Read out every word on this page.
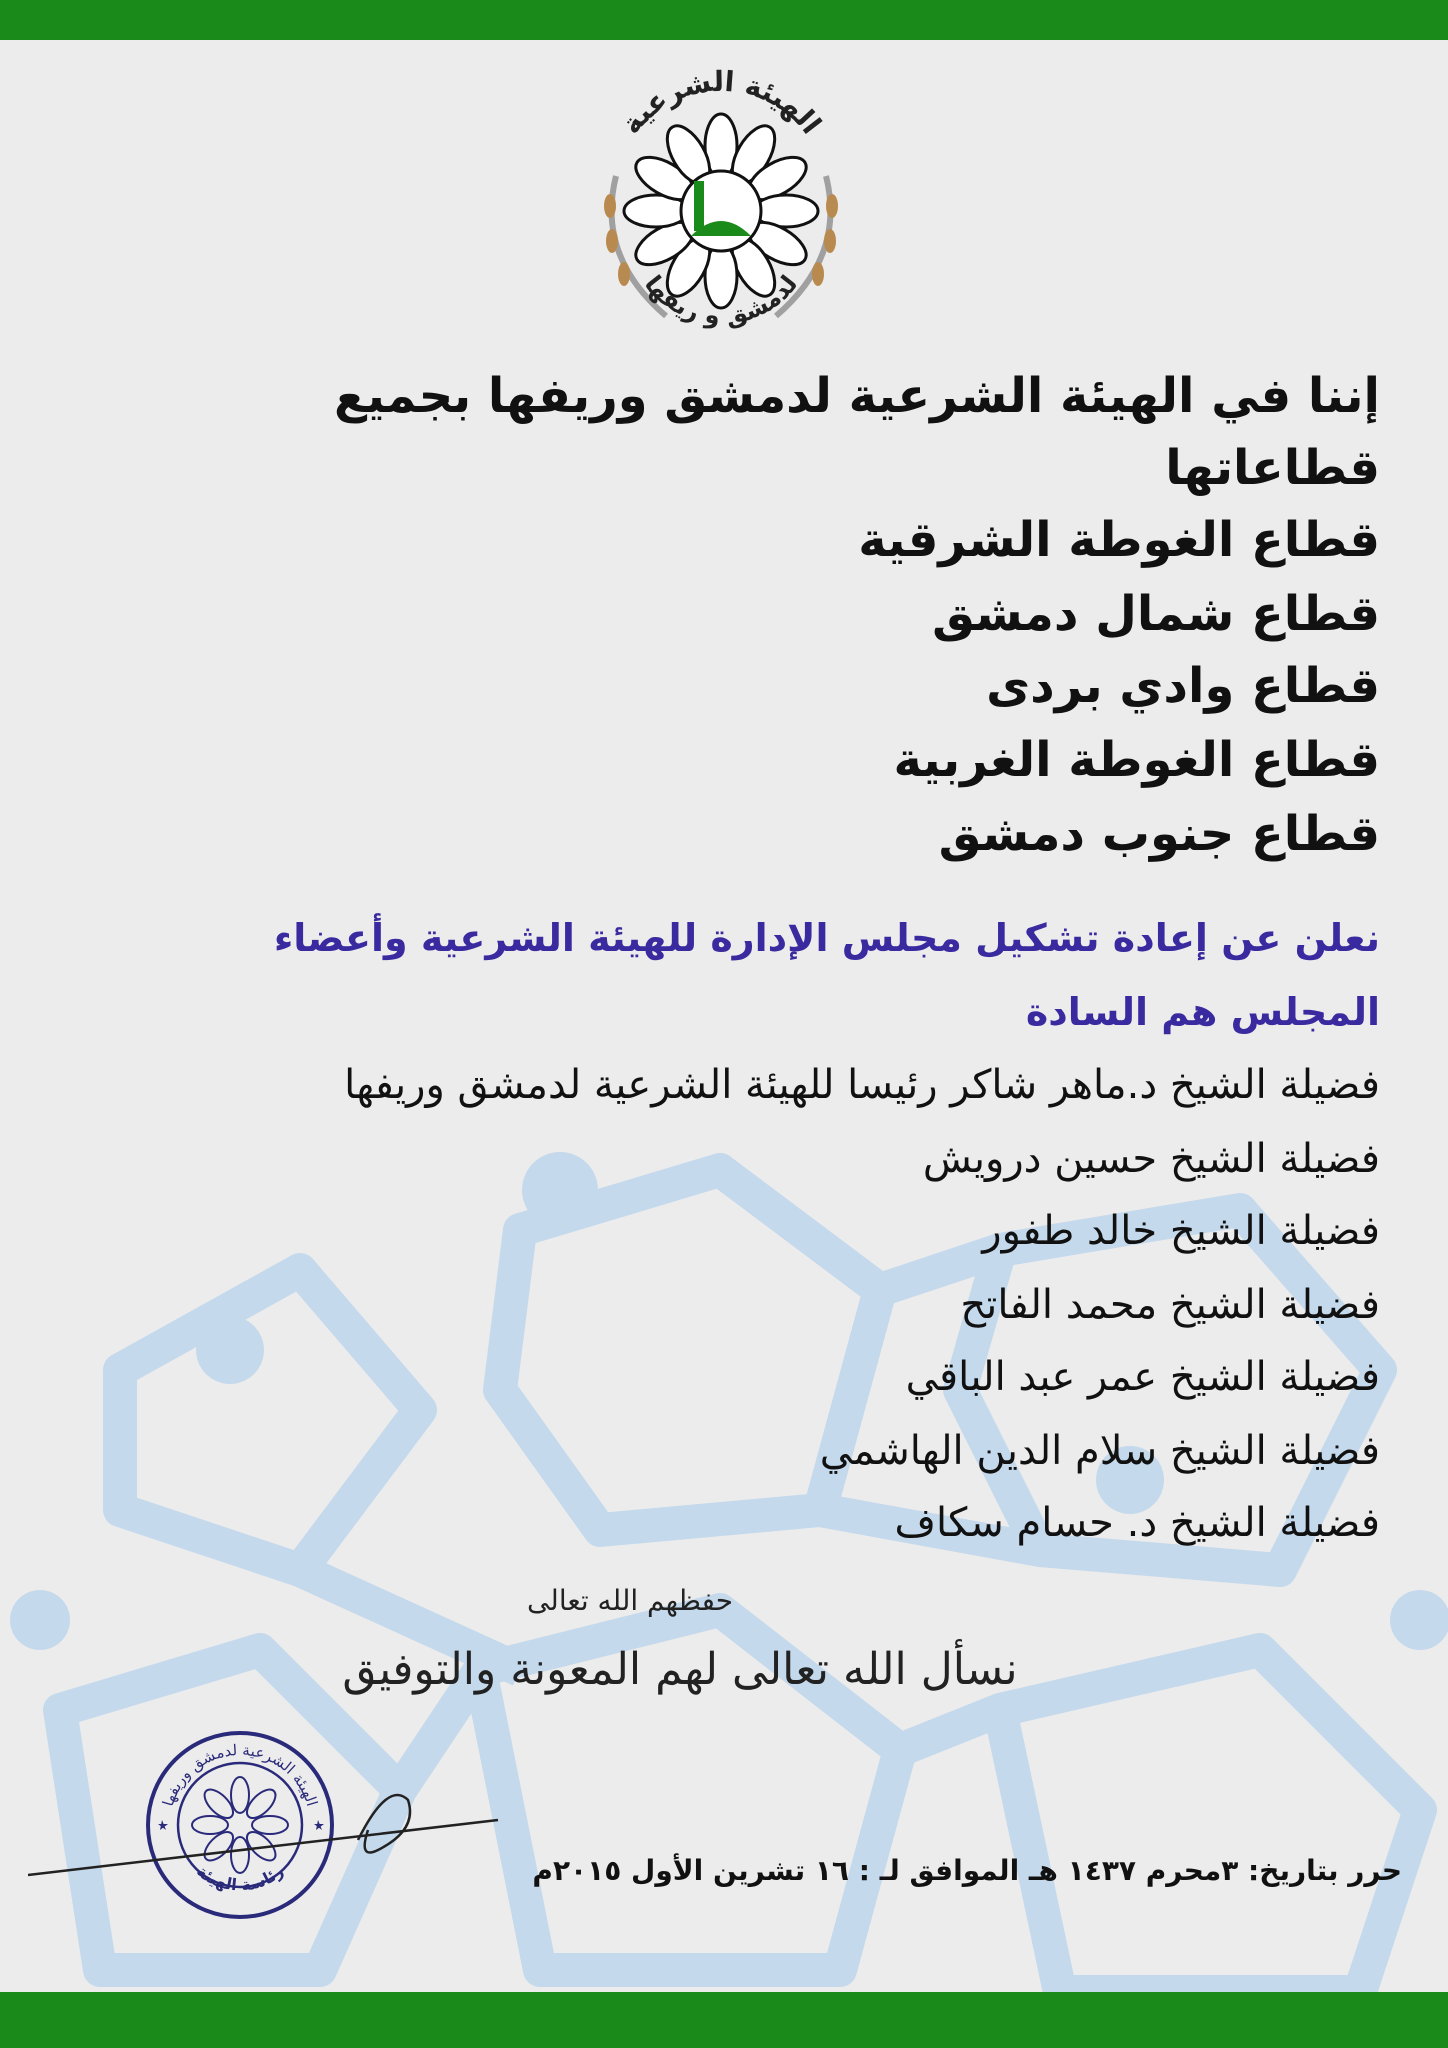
الهيئة الشرعية
لدمشق و ريفها
إننا في الهيئة الشرعية لدمشق وريفها بجميع
قطاعاتها
قطاع الغوطة الشرقية
قطاع شمال دمشق
قطاع وادي بردى
قطاع الغوطة الغربية
قطاع جنوب دمشق
نعلن عن إعادة تشكيل مجلس الإدارة للهيئة الشرعية وأعضاء
المجلس هم السادة
فضيلة الشيخ د.ماهر شاكر رئيسا للهيئة الشرعية لدمشق وريفها
فضيلة الشيخ حسين درويش
فضيلة الشيخ خالد طفور
فضيلة الشيخ محمد الفاتح
فضيلة الشيخ عمر عبد الباقي
فضيلة الشيخ سلام الدين الهاشمي
فضيلة الشيخ د. حسام سكاف
حفظهم الله تعالى
نسأل الله تعالى لهم المعونة والتوفيق
الهيئة الشرعية لدمشق وريفها
رئاسة الهيئة	حرر بتاريخ: ٣محرم ١٤٣٧ هـ الموافق لـ : ١٦ تشرين الأول ٢٠١٥م
